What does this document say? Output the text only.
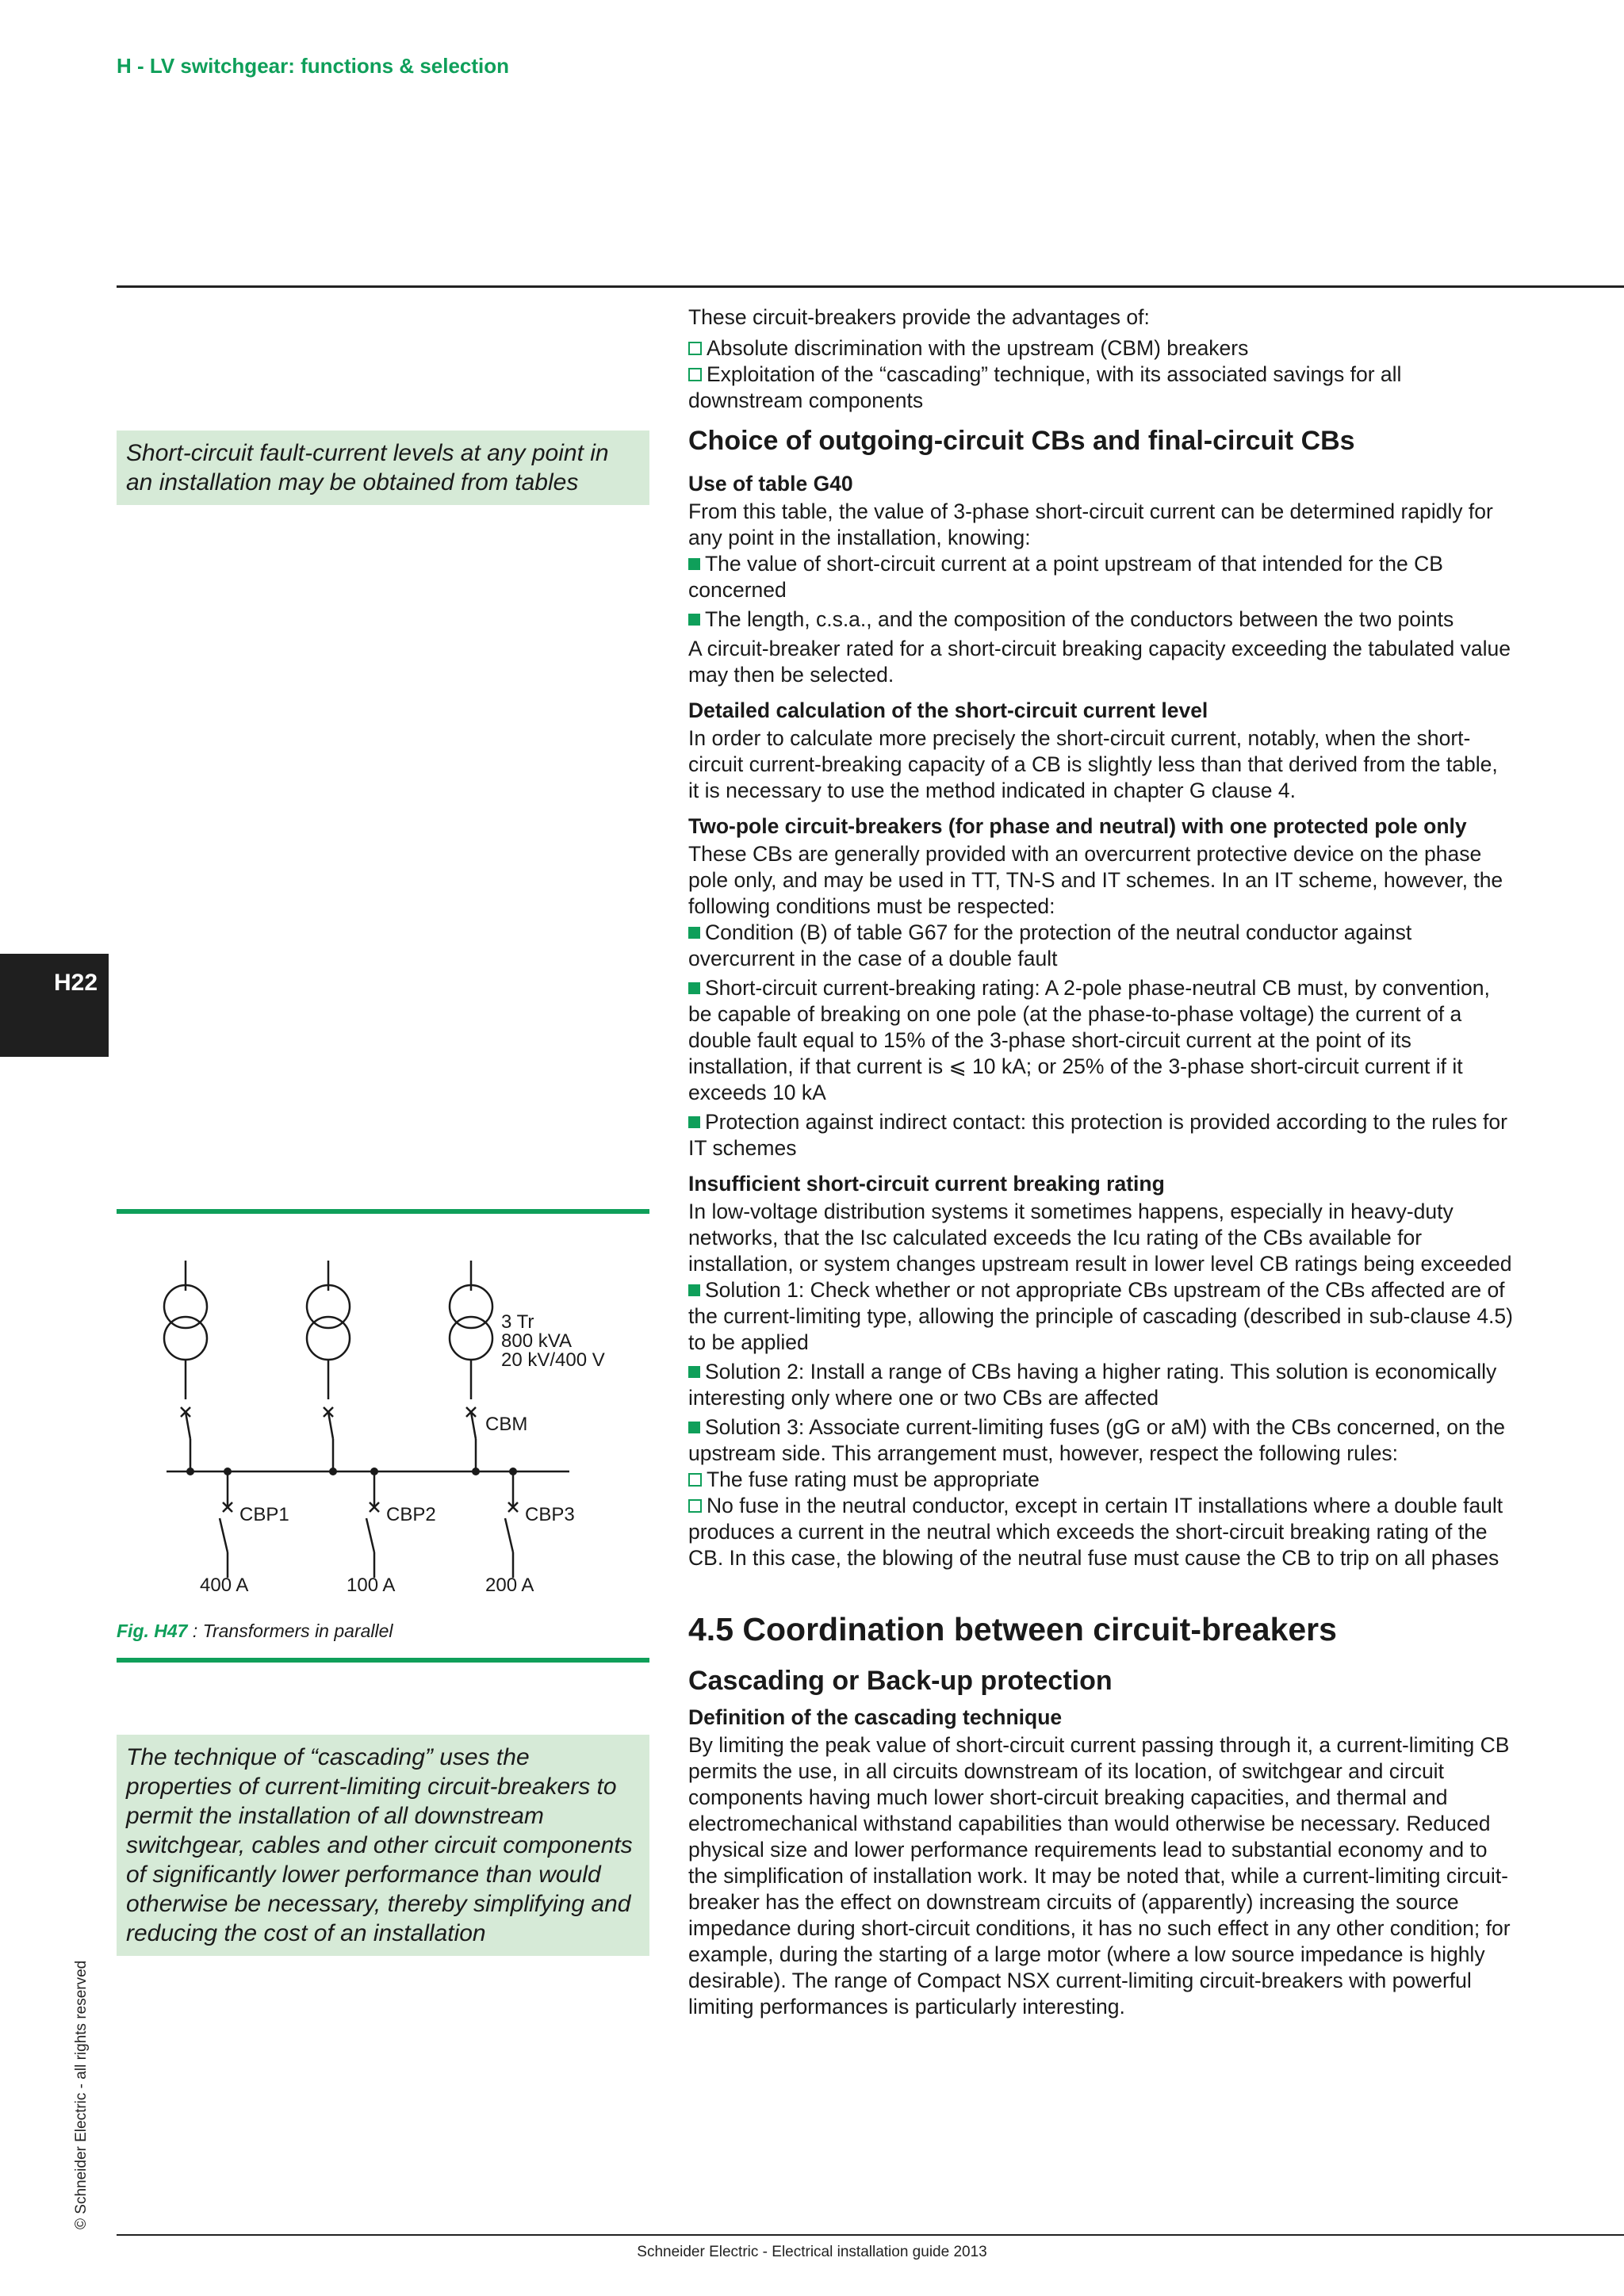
H - LV switchgear: functions & selection
H22
© Schneider Electric - all rights reserved
Short-circuit fault-current levels at any point in an installation may be obtained from tables
3 Tr
800 kVA
20 kV/400 V
CBM
CBP1	CBP2	CBP3
400 A	100 A	200 A
Fig. H47 : Transformers in parallel
The technique of “cascading” uses the properties of current-limiting circuit-breakers to permit the installation of all downstream switchgear, cables and other circuit components of significantly lower performance than would otherwise be necessary, thereby simplifying and reducing the cost of an installation

These circuit-breakers provide the advantages of:

Absolute discrimination with the upstream (CBM) breakers

Exploitation of the “cascading” technique, with its associated savings for all downstream components

Choice of outgoing-circuit CBs and final-circuit CBs
Use of table G40

From this table, the value of 3-phase short-circuit current can be determined rapidly for any point in the installation, knowing:

The value of short-circuit current at a point upstream of that intended for the CB concerned

The length, c.s.a., and the composition of the conductors between the two points

A circuit-breaker rated for a short-circuit breaking capacity exceeding the tabulated value may then be selected.

Detailed calculation of the short-circuit current level

In order to calculate more precisely the short-circuit current, notably, when the short-circuit current-breaking capacity of a CB is slightly less than that derived from the table, it is necessary to use the method indicated in chapter G clause 4.

Two-pole circuit-breakers (for phase and neutral) with one protected pole only

These CBs are generally provided with an overcurrent protective device on the phase pole only, and may be used in TT, TN-S and IT schemes. In an IT scheme, however, the following conditions must be respected:

Condition (B) of table G67 for the protection of the neutral conductor against overcurrent in the case of a double fault

Short-circuit current-breaking rating: A 2-pole phase-neutral CB must, by convention, be capable of breaking on one pole (at the phase-to-phase voltage) the current of a double fault equal to 15% of the 3-phase short-circuit current at the point of its installation, if that current is ⩽ 10 kA; or 25% of the 3-phase short-circuit current if it exceeds 10 kA

Protection against indirect contact: this protection is provided according to the rules for IT schemes

Insufficient short-circuit current breaking rating

In low-voltage distribution systems it sometimes happens, especially in heavy-duty networks, that the Isc calculated exceeds the Icu rating of the CBs available for installation, or system changes upstream result in lower level CB ratings being exceeded

Solution 1: Check whether or not appropriate CBs upstream of the CBs affected are of the current-limiting type, allowing the principle of cascading (described in sub-clause 4.5) to be applied

Solution 2: Install a range of CBs having a higher rating. This solution is economically interesting only where one or two CBs are affected

Solution 3: Associate current-limiting fuses (gG or aM) with the CBs concerned, on the upstream side. This arrangement must, however, respect the following rules:

The fuse rating must be appropriate

No fuse in the neutral conductor, except in certain IT installations where a double fault produces a current in the neutral which exceeds the short-circuit breaking rating of the CB. In this case, the blowing of the neutral fuse must cause the CB to trip on all phases

4.5 Coordination between circuit-breakers
Cascading or Back-up protection
Definition of the cascading technique

By limiting the peak value of short-circuit current passing through it, a current-limiting CB permits the use, in all circuits downstream of its location, of switchgear and circuit components having much lower short-circuit breaking capacities, and thermal and electromechanical withstand capabilities than would otherwise be necessary. Reduced physical size and lower performance requirements lead to substantial economy and to the simplification of installation work. It may be noted that, while a current-limiting circuit-breaker has the effect on downstream circuits of (apparently) increasing the source impedance during short-circuit conditions, it has no such effect in any other condition; for example, during the starting of a large motor (where a low source impedance is highly desirable). The range of Compact NSX current-limiting circuit-breakers with powerful limiting performances is particularly interesting.

Schneider Electric - Electrical installation guide 2013
